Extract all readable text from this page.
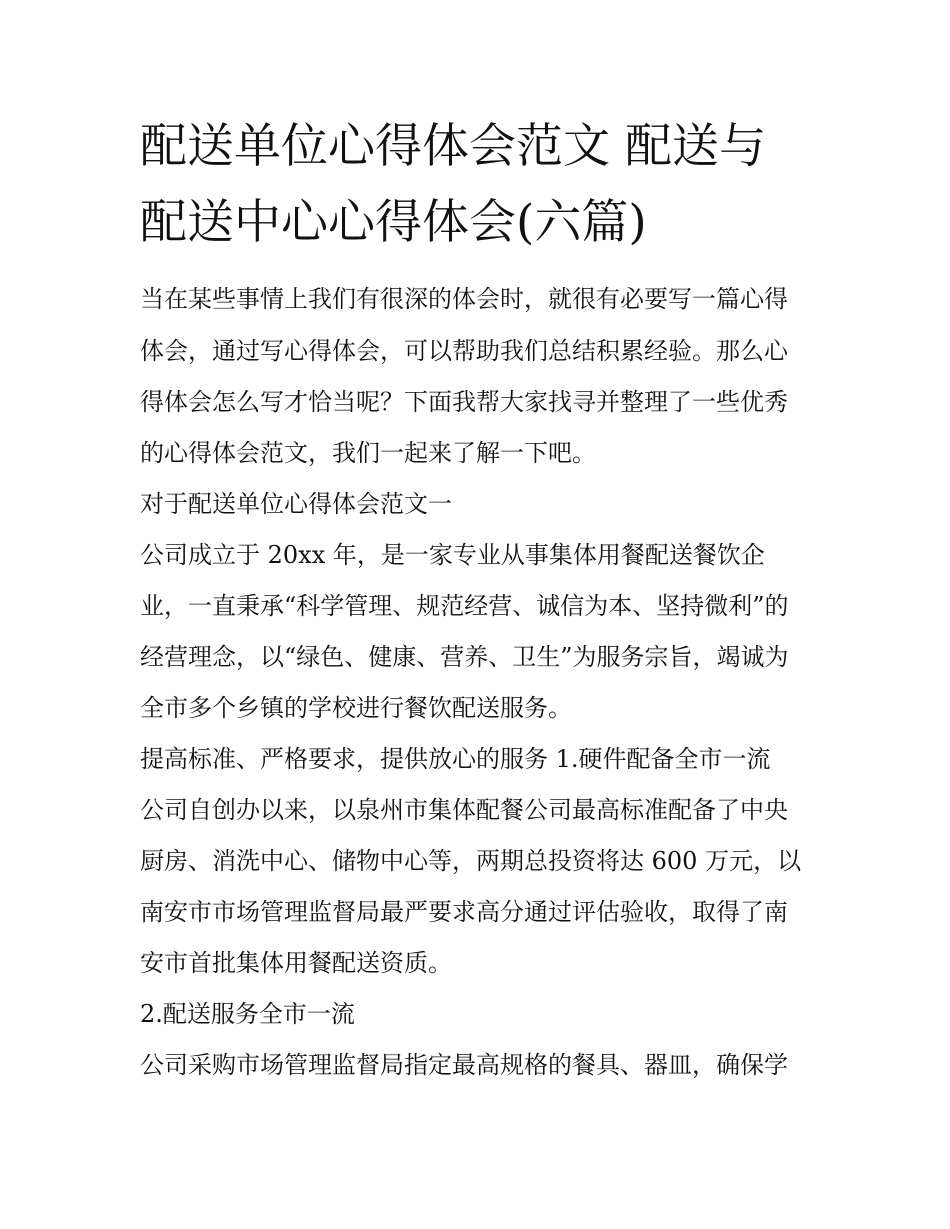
配送单位心得体会范文 配送与
配送中心心得体会(六篇)

当在某些事情上我们有很深的体会时，就很有必要写一篇心得

体会，通过写心得体会，可以帮助我们总结积累经验。那么心

得体会怎么写才恰当呢？下面我帮大家找寻并整理了一些优秀

的心得体会范文，我们一起来了解一下吧。

对于配送单位心得体会范文一

公司成立于 20xx 年，是一家专业从事集体用餐配送餐饮企

业，一直秉承“科学管理、规范经营、诚信为本、坚持微利”的

经营理念，以“绿色、健康、营养、卫生”为服务宗旨，竭诚为

全市多个乡镇的学校进行餐饮配送服务。

提高标准、严格要求，提供放心的服务 1.硬件配备全市一流

公司自创办以来，以泉州市集体配餐公司最高标准配备了中央

厨房、消洗中心、储物中心等，两期总投资将达 600 万元，以

南安市市场管理监督局最严要求高分通过评估验收，取得了南

安市首批集体用餐配送资质。

2.配送服务全市一流

公司采购市场管理监督局指定最高规格的餐具、器皿，确保学
